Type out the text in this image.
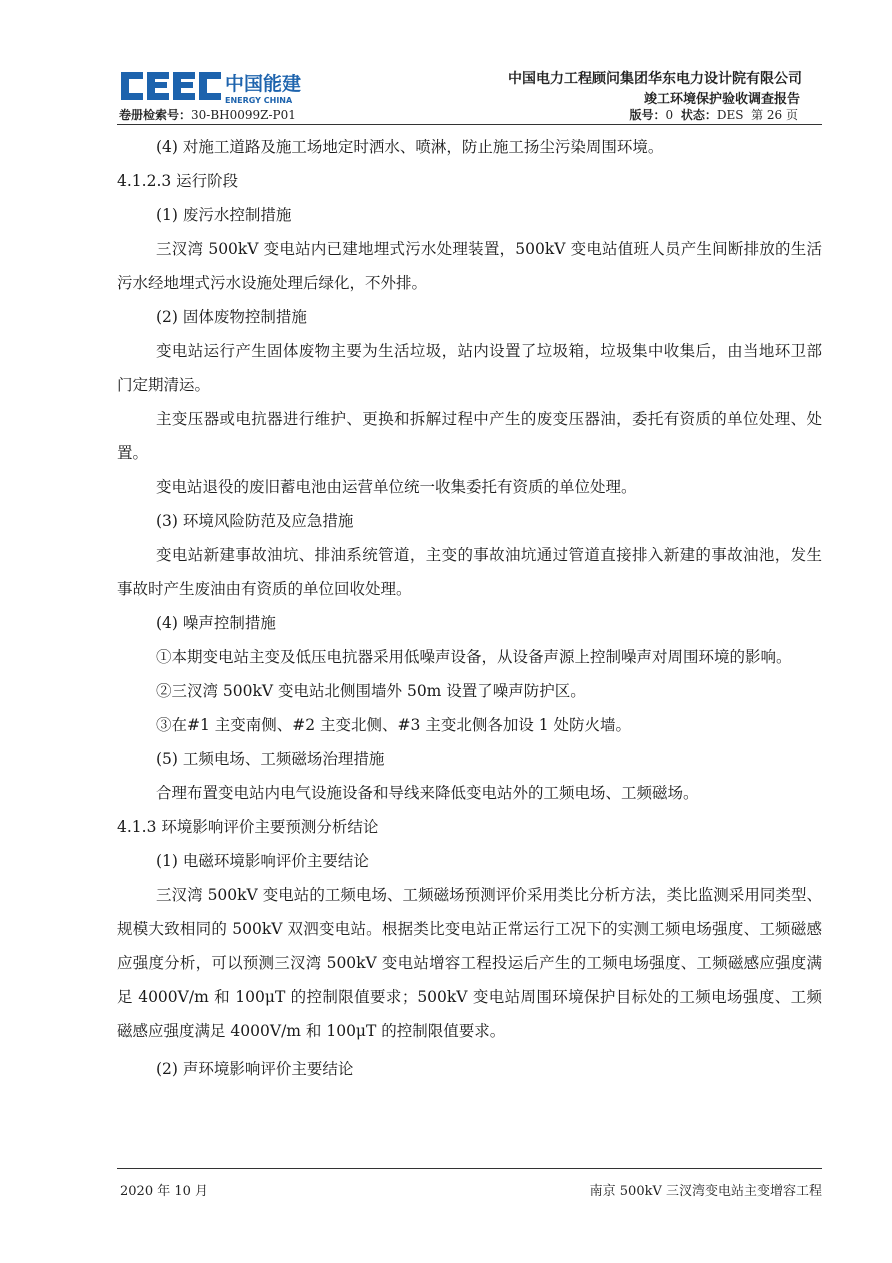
中国能建
ENERGY CHINA
中国电力工程顾问集团华东电力设计院有限公司
竣工环境保护验收调查报告
卷册检索号：30-BH0099Z-P01	版号：0 状态：DES 第 26 页

(4) 对施工道路及施工场地定时洒水、喷淋，防止施工扬尘污染周围环境。

4.1.2.3 运行阶段

(1) 废污水控制措施

三汊湾 500kV 变电站内已建地埋式污水处理装置，500kV 变电站值班人员产生间断排放的生活污水经地埋式污水设施处理后绿化，不外排。

(2) 固体废物控制措施

变电站运行产生固体废物主要为生活垃圾，站内设置了垃圾箱，垃圾集中收集后，由当地环卫部门定期清运。

主变压器或电抗器进行维护、更换和拆解过程中产生的废变压器油，委托有资质的单位处理、处置。

变电站退役的废旧蓄电池由运营单位统一收集委托有资质的单位处理。

(3) 环境风险防范及应急措施

变电站新建事故油坑、排油系统管道，主变的事故油坑通过管道直接排入新建的事故油池，发生事故时产生废油由有资质的单位回收处理。

(4) 噪声控制措施

①本期变电站主变及低压电抗器采用低噪声设备，从设备声源上控制噪声对周围环境的影响。

②三汊湾 500kV 变电站北侧围墙外 50m 设置了噪声防护区。

③在#1 主变南侧、#2 主变北侧、#3 主变北侧各加设 1 处防火墙。

(5) 工频电场、工频磁场治理措施

合理布置变电站内电气设施设备和导线来降低变电站外的工频电场、工频磁场。

4.1.3 环境影响评价主要预测分析结论

(1) 电磁环境影响评价主要结论

三汊湾 500kV 变电站的工频电场、工频磁场预测评价采用类比分析方法，类比监测采用同类型、规模大致相同的 500kV 双泗变电站。根据类比变电站正常运行工况下的实测工频电场强度、工频磁感应强度分析，可以预测三汊湾 500kV 变电站增容工程投运后产生的工频电场强度、工频磁感应强度满足 4000V/m 和 100μT 的控制限值要求；500kV 变电站周围环境保护目标处的工频电场强度、工频磁感应强度满足 4000V/m 和 100μT 的控制限值要求。

(2) 声环境影响评价主要结论

2020 年 10 月	南京 500kV 三汊湾变电站主变增容工程
